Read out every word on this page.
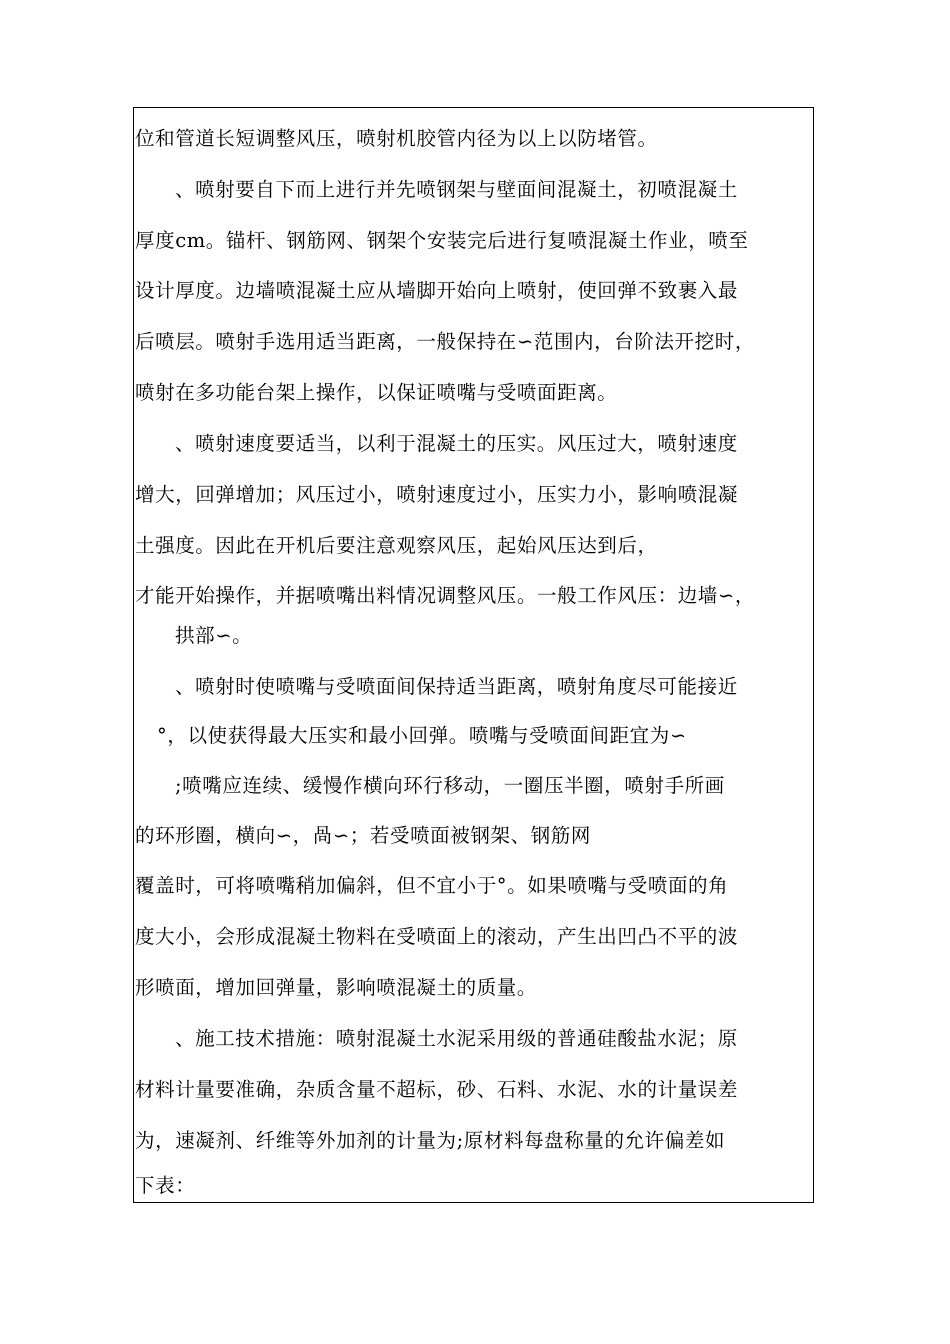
位和管道长短调整风压，喷射机胶管内径为以上以防堵管。
、喷射要自下而上进行并先喷钢架与壁面间混凝土，初喷混凝土
厚度cm。锚杆、钢筋网、钢架个安装完后进行复喷混凝土作业，喷至
设计厚度。边墙喷混凝土应从墙脚开始向上喷射，使回弹不致裹入最
后喷层。喷射手选用适当距离，一般保持在∽范围内，台阶法开挖时，
喷射在多功能台架上操作，以保证喷嘴与受喷面距离。
、喷射速度要适当，以利于混凝土的压实。风压过大，喷射速度
增大，回弹增加；风压过小，喷射速度过小，压实力小，影响喷混凝
土强度。因此在开机后要注意观察风压，起始风压达到后，
才能开始操作，并据喷嘴出料情况调整风压。一般工作风压：边墙∽，
拱部∽。
、喷射时使喷嘴与受喷面间保持适当距离，喷射角度尽可能接近
°，以使获得最大压实和最小回弹。喷嘴与受喷面间距宜为∽
;喷嘴应连续、缓慢作横向环行移动，一圈压半圈，喷射手所画
的环形圈，横向∽，咼∽；若受喷面被钢架、钢筋网
覆盖时，可将喷嘴稍加偏斜，但不宜小于°。如果喷嘴与受喷面的角
度大小，会形成混凝土物料在受喷面上的滚动，产生出凹凸不平的波
形喷面，增加回弹量，影响喷混凝土的质量。
、施工技术措施：喷射混凝土水泥采用级的普通硅酸盐水泥；原
材料计量要准确，杂质含量不超标，砂、石料、水泥、水的计量误差
为，速凝剂、纤维等外加剂的计量为;原材料每盘称量的允许偏差如
下表：
